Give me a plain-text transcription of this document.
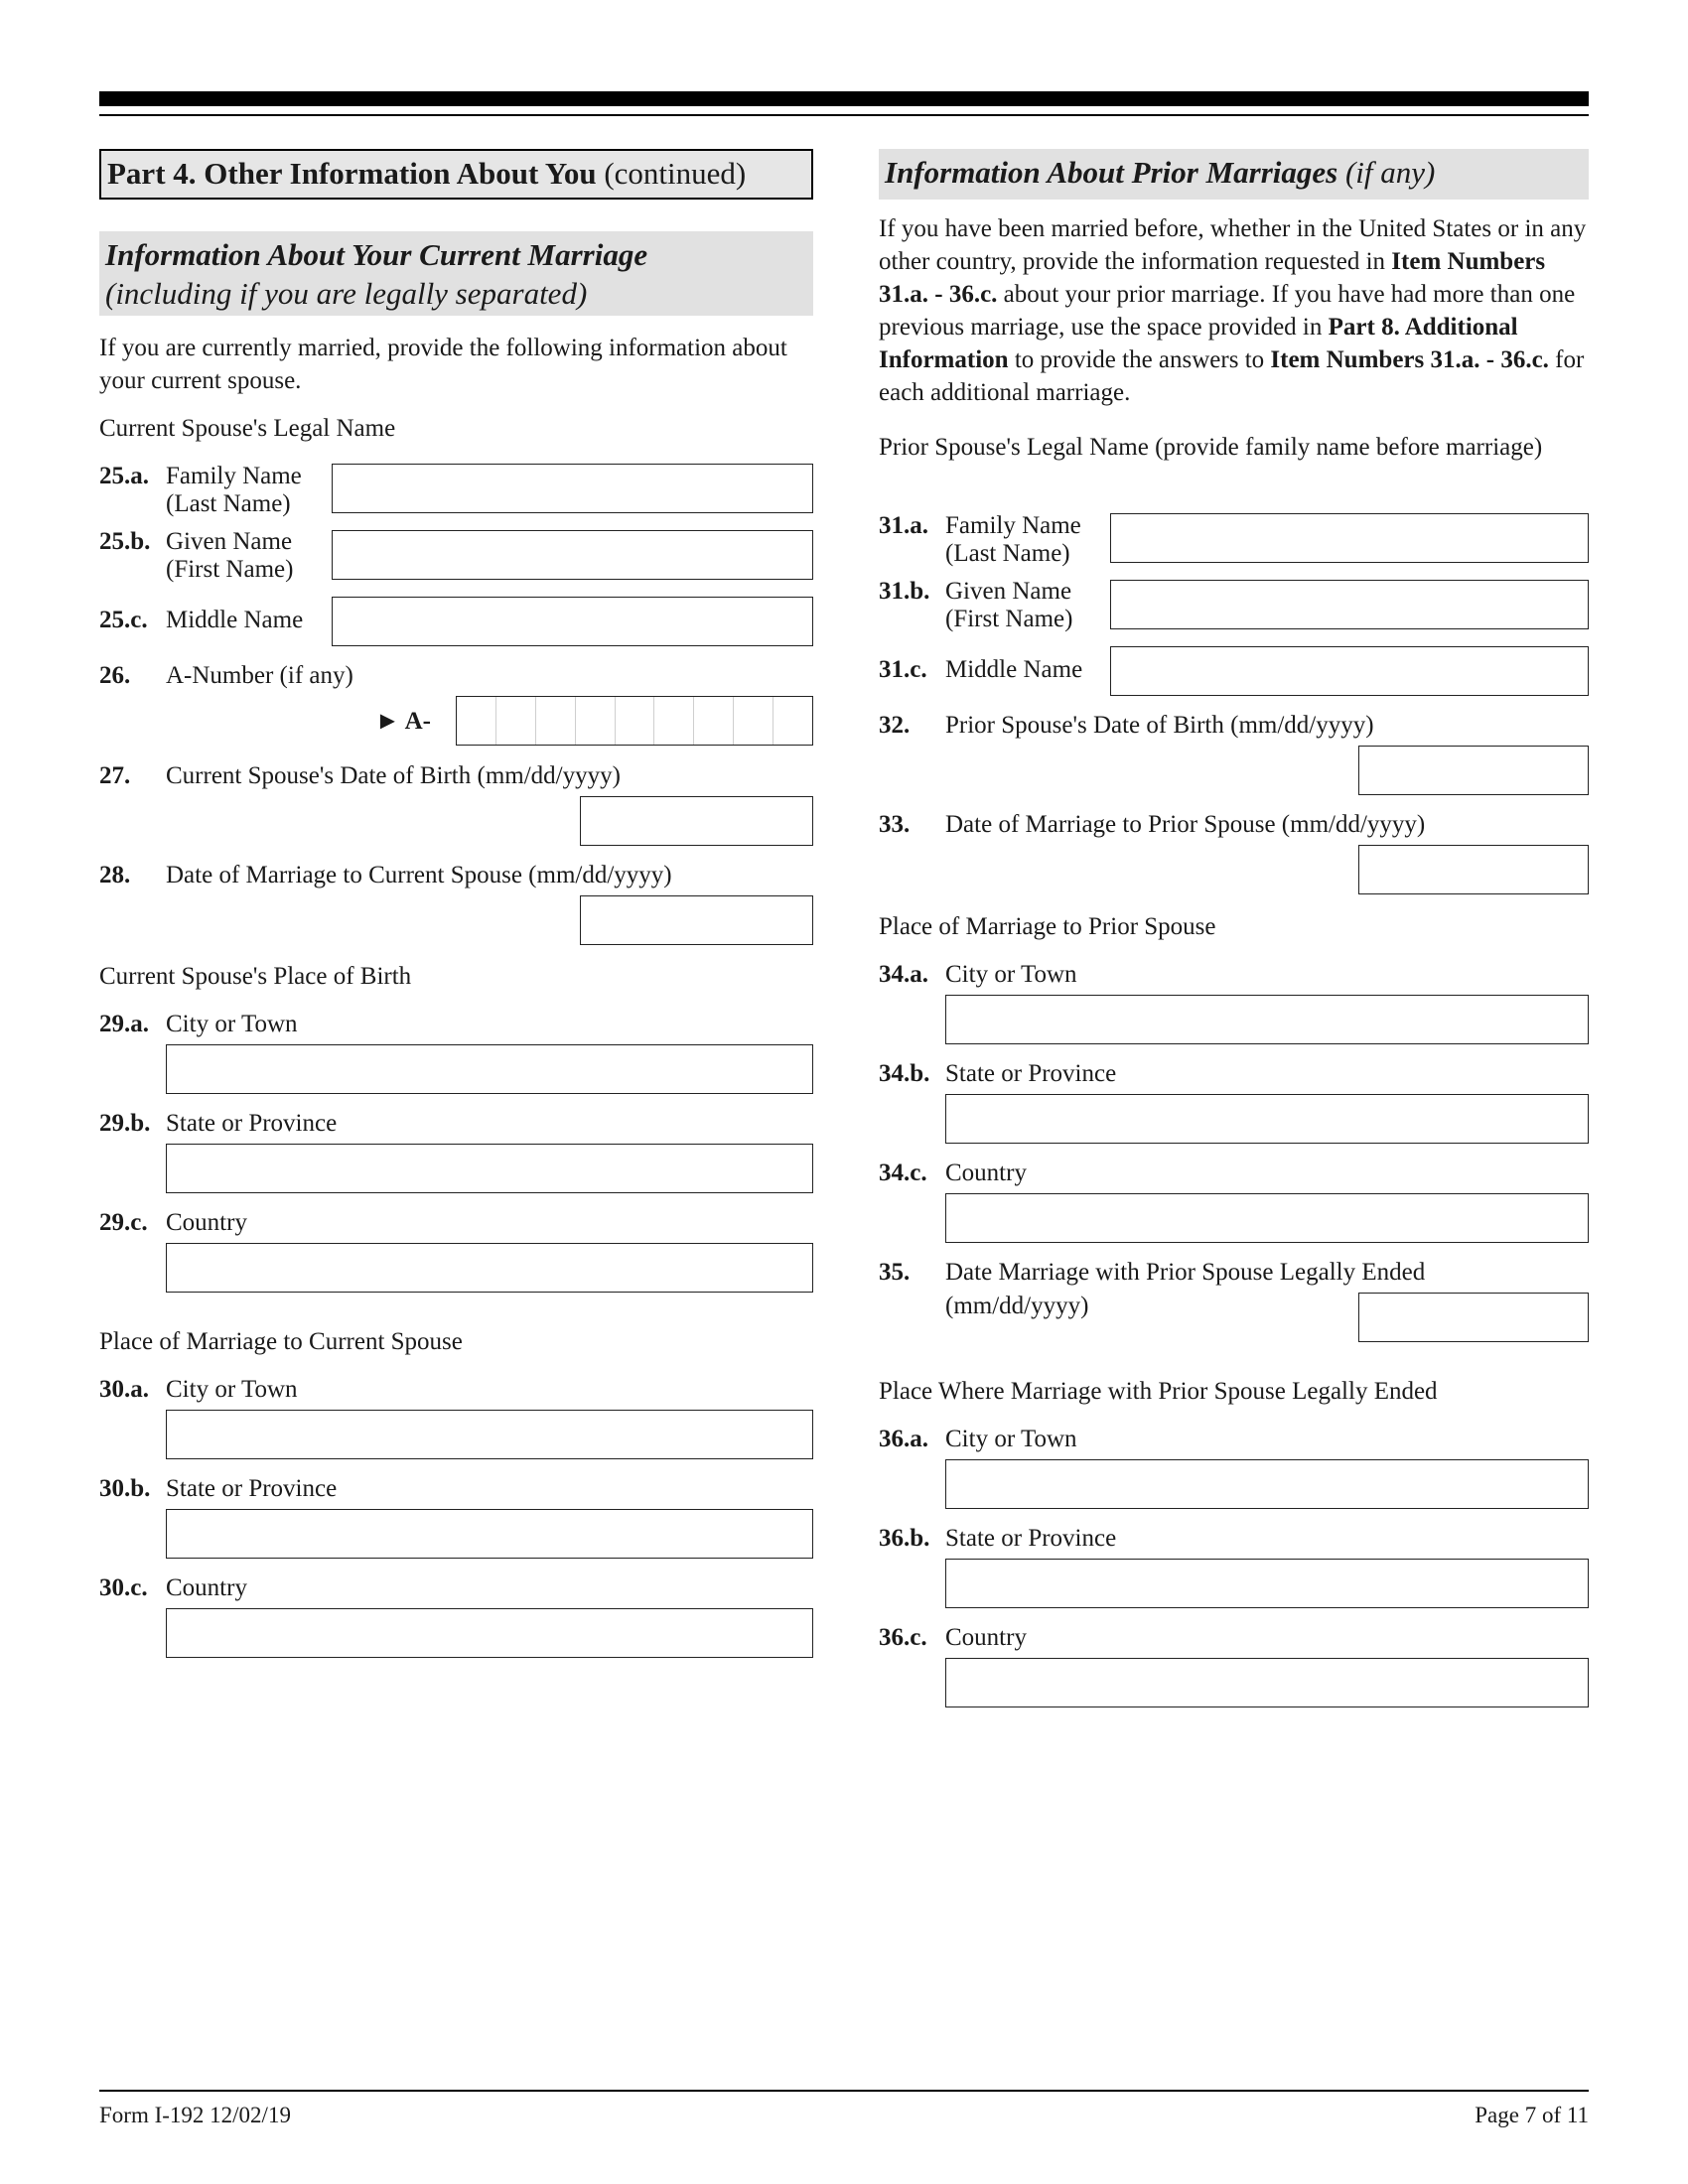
Part 4. Other Information About You (continued)
Information About Your Current Marriage
(including if you are legally separated)
If you are currently married, provide the following information about your current spouse.
Current Spouse's Legal Name
25.a. Family Name
(Last Name)
25.b. Given Name
(First Name)
25.c. Middle Name
26. A-Number (if any)
► A-
27. Current Spouse's Date of Birth (mm/dd/yyyy)
28. Date of Marriage to Current Spouse (mm/dd/yyyy)
Current Spouse's Place of Birth
29.a. City or Town
29.b. State or Province
29.c. Country
Place of Marriage to Current Spouse
30.a. City or Town
30.b. State or Province
30.c. Country
Information About Prior Marriages (if any)
If you have been married before, whether in the United States or in any other country, provide the information requested in Item Numbers 31.a. - 36.c. about your prior marriage. If you have had more than one previous marriage, use the space provided in Part 8. Additional Information to provide the answers to Item Numbers 31.a. - 36.c. for each additional marriage.
Prior Spouse's Legal Name (provide family name before marriage)
31.a. Family Name
(Last Name)
31.b. Given Name
(First Name)
31.c. Middle Name
32. Prior Spouse's Date of Birth (mm/dd/yyyy)
33. Date of Marriage to Prior Spouse (mm/dd/yyyy)
Place of Marriage to Prior Spouse
34.a. City or Town
34.b. State or Province
34.c. Country
35. Date Marriage with Prior Spouse Legally Ended
(mm/dd/yyyy)
Place Where Marriage with Prior Spouse Legally Ended
36.a. City or Town
36.b. State or Province
36.c. Country
Form I-192 12/02/19	Page 7 of 11
